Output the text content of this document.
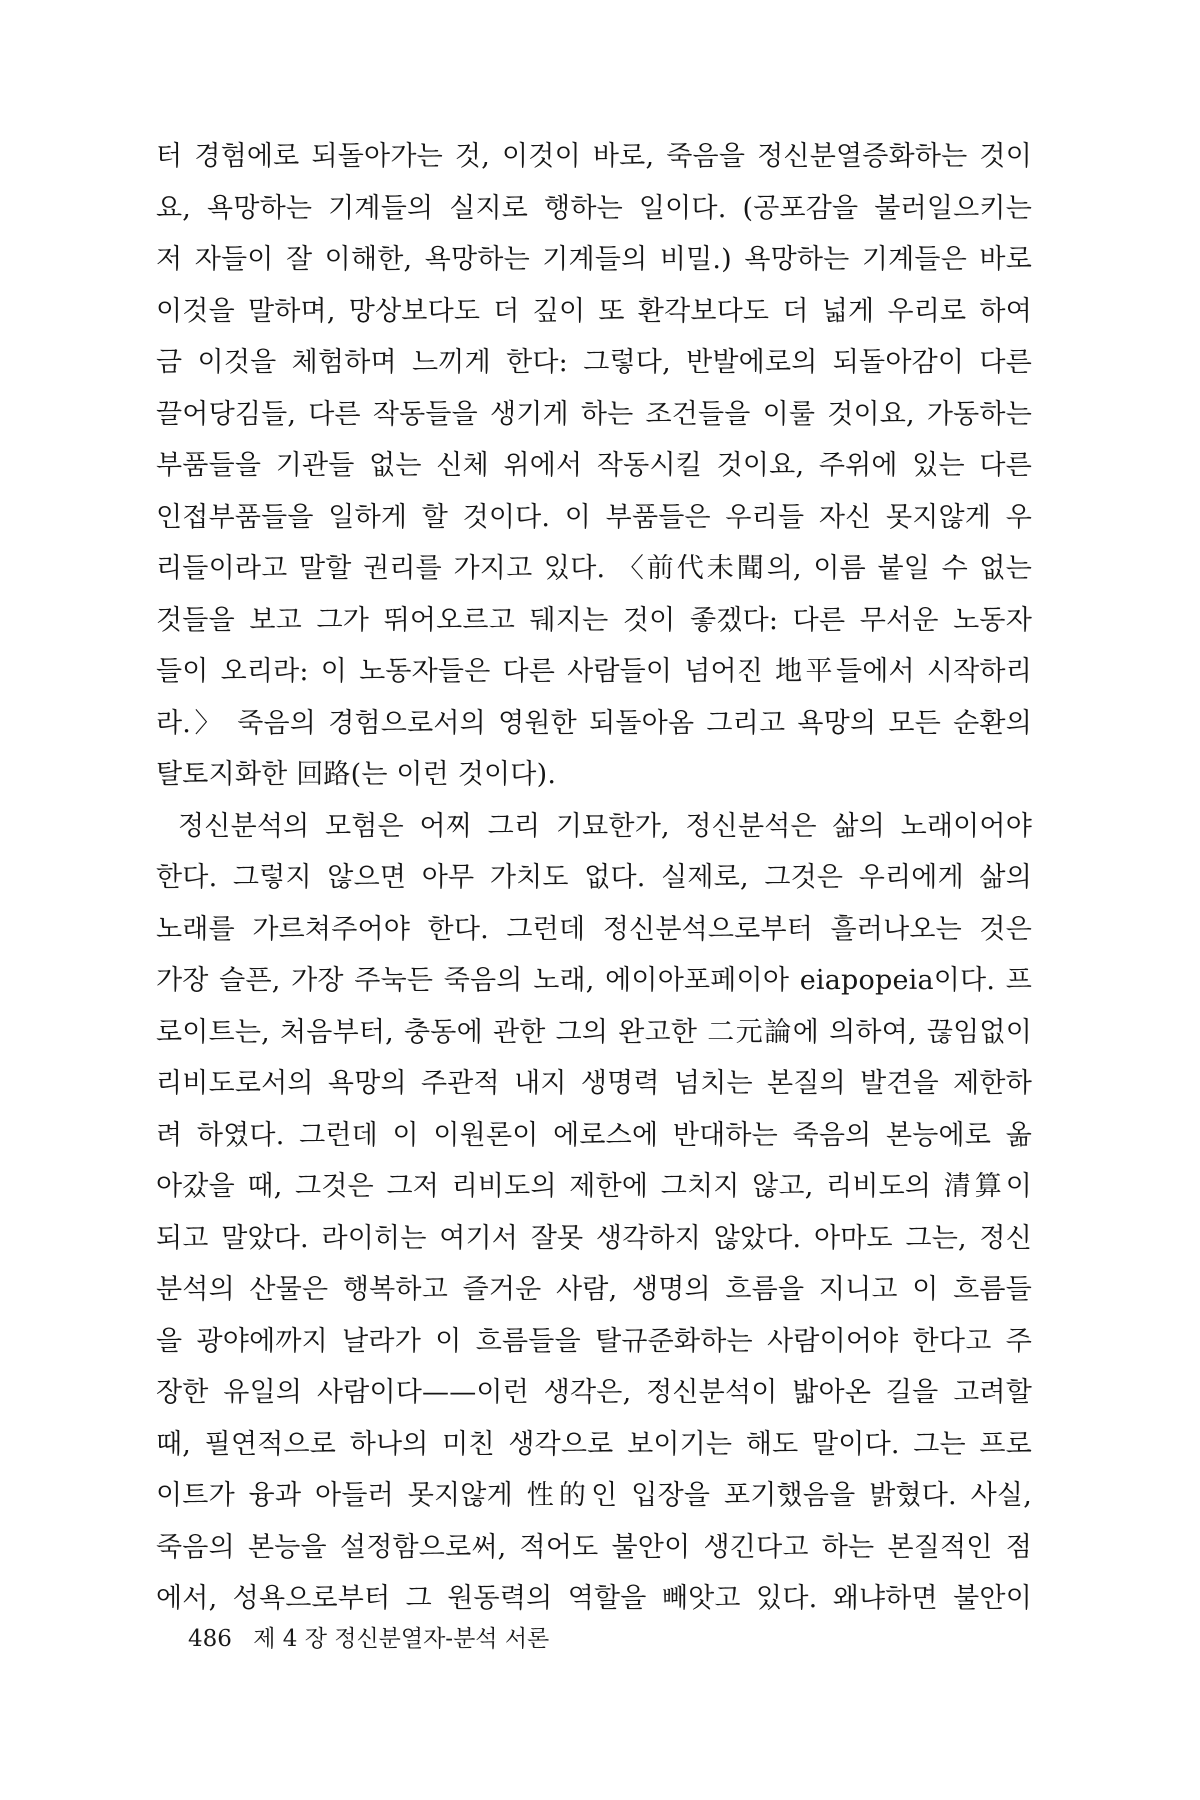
터 경험에로 되돌아가는 것, 이것이 바로, 죽음을 정신분열증화하는 것이
요, 욕망하는 기계들의 실지로 행하는 일이다. (공포감을 불러일으키는
저 자들이 잘 이해한, 욕망하는 기계들의 비밀.) 욕망하는 기계들은 바로
이것을 말하며, 망상보다도 더 깊이 또 환각보다도 더 넓게 우리로 하여
금 이것을 체험하며 느끼게 한다: 그렇다, 반발에로의 되돌아감이 다른
끌어당김들, 다른 작동들을 생기게 하는 조건들을 이룰 것이요, 가동하는
부품들을 기관들 없는 신체 위에서 작동시킬 것이요, 주위에 있는 다른
인접부품들을 일하게 할 것이다. 이 부품들은 우리들 자신 못지않게 우
리들이라고 말할 권리를 가지고 있다. 〈前代未聞의, 이름 붙일 수 없는
것들을 보고 그가 뛰어오르고 뒈지는 것이 좋겠다: 다른 무서운 노동자
들이 오리라: 이 노동자들은 다른 사람들이 넘어진 地平들에서 시작하리
라.〉 죽음의 경험으로서의 영원한 되돌아옴 그리고 욕망의 모든 순환의
탈토지화한 回路(는 이런 것이다).
정신분석의 모험은 어찌 그리 기묘한가, 정신분석은 삶의 노래이어야
한다. 그렇지 않으면 아무 가치도 없다. 실제로, 그것은 우리에게 삶의
노래를 가르쳐주어야 한다. 그런데 정신분석으로부터 흘러나오는 것은
가장 슬픈, 가장 주눅든 죽음의 노래, 에이아포페이아 eiapopeia이다. 프
로이트는, 처음부터, 충동에 관한 그의 완고한 二元論에 의하여, 끊임없이
리비도로서의 욕망의 주관적 내지 생명력 넘치는 본질의 발견을 제한하
려 하였다. 그런데 이 이원론이 에로스에 반대하는 죽음의 본능에로 옮
아갔을 때, 그것은 그저 리비도의 제한에 그치지 않고, 리비도의 清算이
되고 말았다. 라이히는 여기서 잘못 생각하지 않았다. 아마도 그는, 정신
분석의 산물은 행복하고 즐거운 사람, 생명의 흐름을 지니고 이 흐름들
을 광야에까지 날라가 이 흐름들을 탈규준화하는 사람이어야 한다고 주
장한 유일의 사람이다——이런 생각은, 정신분석이 밟아온 길을 고려할
때, 필연적으로 하나의 미친 생각으로 보이기는 해도 말이다. 그는 프로
이트가 융과 아들러 못지않게 性的인 입장을 포기했음을 밝혔다. 사실,
죽음의 본능을 설정함으로써, 적어도 불안이 생긴다고 하는 본질적인 점
에서, 성욕으로부터 그 원동력의 역할을 빼앗고 있다. 왜냐하면 불안이
486 제 4 장 정신분열자-분석 서론
